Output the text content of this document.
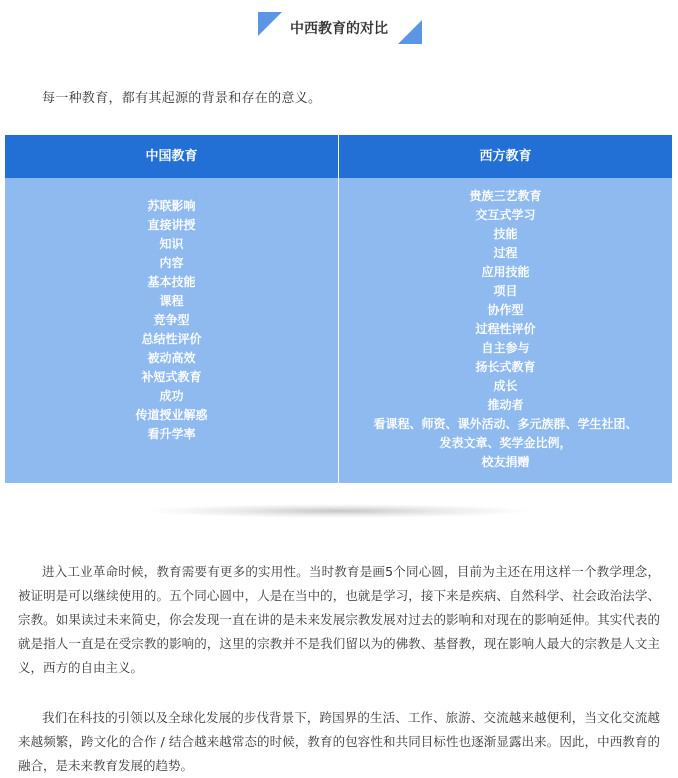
中西教育的对比
每一种教育，都有其起源的背景和存在的意义。
中国教育	西方教育
苏联影响
直接讲授
知识
内容
基本技能
课程
竞争型
总结性评价
被动高效
补短式教育
成功
传道授业解惑
看升学率
贵族三艺教育
交互式学习
技能
过程
应用技能
项目
协作型
过程性评价
自主参与
扬长式教育
成长
推动者
看课程、师资、课外活动、多元族群、学生社团、
发表文章、奖学金比例，
校友捐赠

进入工业革命时候，教育需要有更多的实用性。当时教育是画5个同心圆，目前为主还在用这样一个教学理念，被证明是可以继续使用的。五个同心圆中，人是在当中的，也就是学习，接下来是疾病、自然科学、社会政治法学、宗教。如果读过未来简史，你会发现一直在讲的是未来发展宗教发展对过去的影响和对现在的影响延伸。其实代表的就是指人一直是在受宗教的影响的，这里的宗教并不是我们留以为的佛教、基督教，现在影响人最大的宗教是人文主义，西方的自由主义。

我们在科技的引领以及全球化发展的步伐背景下，跨国界的生活、工作、旅游、交流越来越便利，当文化交流越来越频繁，跨文化的合作 / 结合越来越常态的时候，教育的包容性和共同目标性也逐渐显露出来。因此，中西教育的融合，是未来教育发展的趋势。
